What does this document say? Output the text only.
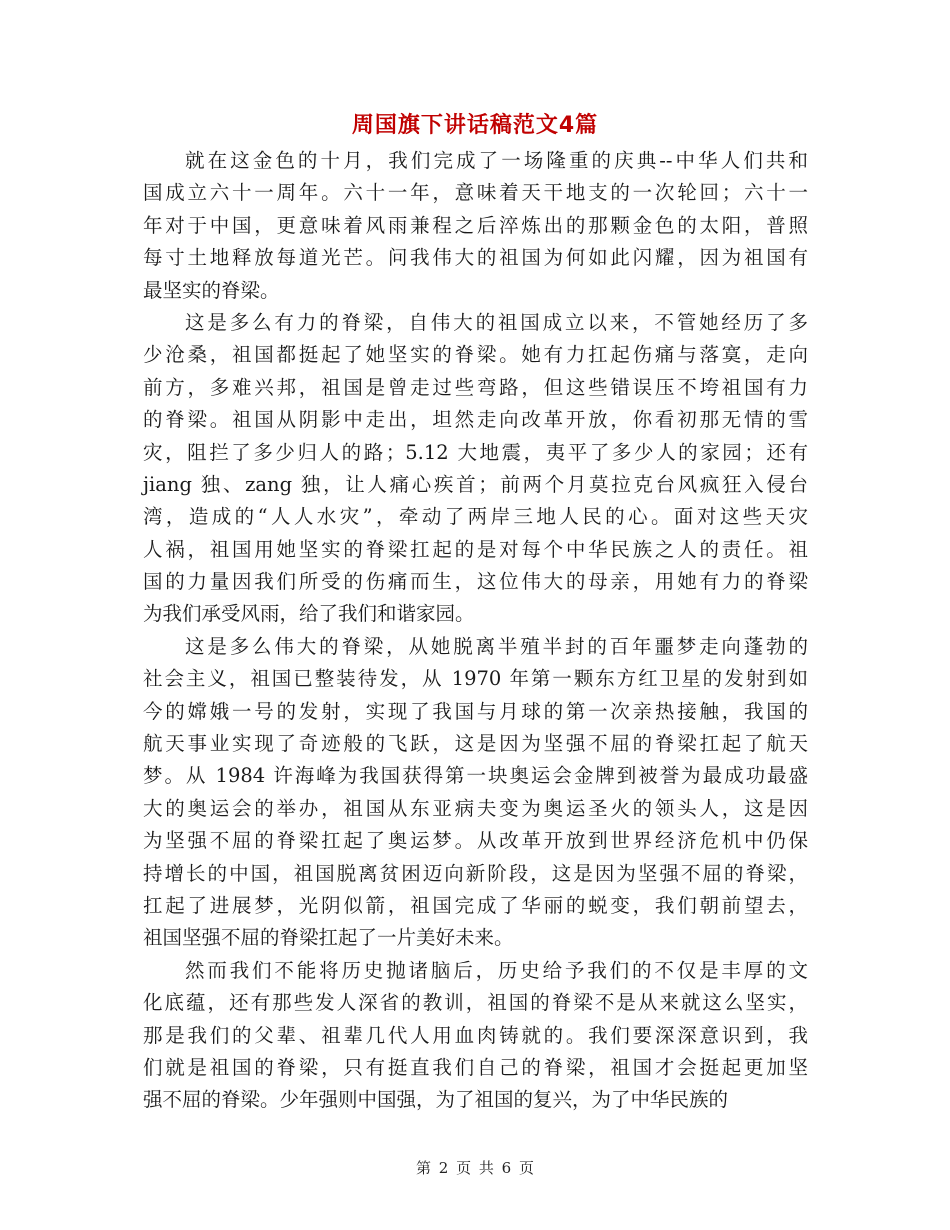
周国旗下讲话稿范文4篇
就在这金色的十月，我们完成了一场隆重的庆典--中华人们共和
国成立六十一周年。六十一年，意味着天干地支的一次轮回；六十一
年对于中国，更意味着风雨兼程之后淬炼出的那颗金色的太阳，普照
每寸土地释放每道光芒。问我伟大的祖国为何如此闪耀，因为祖国有
最坚实的脊梁。
这是多么有力的脊梁，自伟大的祖国成立以来，不管她经历了多
少沧桑，祖国都挺起了她坚实的脊梁。她有力扛起伤痛与落寞，走向
前方，多难兴邦，祖国是曾走过些弯路，但这些错误压不垮祖国有力
的脊梁。祖国从阴影中走出，坦然走向改革开放，你看初那无情的雪
灾，阻拦了多少归人的路；5.12 大地震，夷平了多少人的家园；还有
jiang 独、zang 独，让人痛心疾首；前两个月莫拉克台风疯狂入侵台
湾，造成的“人人水灾”，牵动了两岸三地人民的心。面对这些天灾
人祸，祖国用她坚实的脊梁扛起的是对每个中华民族之人的责任。祖
国的力量因我们所受的伤痛而生，这位伟大的母亲，用她有力的脊梁
为我们承受风雨，给了我们和谐家园。
这是多么伟大的脊梁，从她脱离半殖半封的百年噩梦走向蓬勃的
社会主义，祖国已整装待发，从 1970 年第一颗东方红卫星的发射到如
今的嫦娥一号的发射，实现了我国与月球的第一次亲热接触，我国的
航天事业实现了奇迹般的飞跃，这是因为坚强不屈的脊梁扛起了航天
梦。从 1984 许海峰为我国获得第一块奥运会金牌到被誉为最成功最盛
大的奥运会的举办，祖国从东亚病夫变为奥运圣火的领头人，这是因
为坚强不屈的脊梁扛起了奥运梦。从改革开放到世界经济危机中仍保
持增长的中国，祖国脱离贫困迈向新阶段，这是因为坚强不屈的脊梁，
扛起了进展梦，光阴似箭，祖国完成了华丽的蜕变，我们朝前望去，
祖国坚强不屈的脊梁扛起了一片美好未来。
然而我们不能将历史抛诸脑后，历史给予我们的不仅是丰厚的文
化底蕴，还有那些发人深省的教训，祖国的脊梁不是从来就这么坚实，
那是我们的父辈、祖辈几代人用血肉铸就的。我们要深深意识到，我
们就是祖国的脊梁，只有挺直我们自己的脊梁，祖国才会挺起更加坚
强不屈的脊梁。少年强则中国强，为了祖国的复兴，为了中华民族的
第 2 页 共 6 页
